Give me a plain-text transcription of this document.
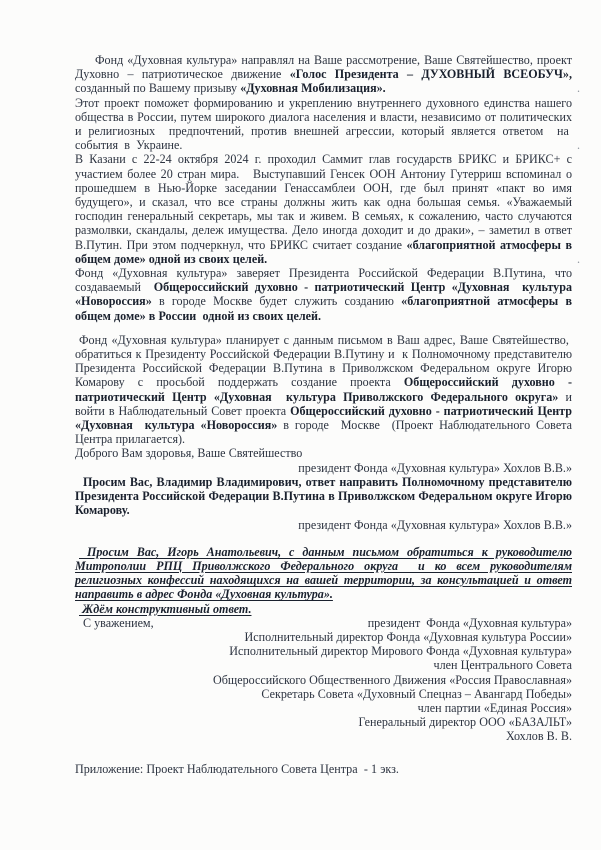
Фонд «Духовная культура» направлял на Ваше рассмотрение, Ваше Святейшество, проект Духовно – патриотическое движение «Голос Президента – ДУХОВНЫЙ ВСЕОБУЧ», созданный по Вашему призыву «Духовная Мобилизация».	.
Этот проект поможет формированию и укреплению внутреннего духовного единства нашего общества в России, путем широкого диалога населения и власти, независимо от политических и религиозных  предпочтений, против внешней агрессии, который является ответом  на  события  в  Украине.	.
В Казани с 22-24 октября 2024 г. проходил Саммит глав государств БРИКС и БРИКС+ с участием более 20 стран мира.   Выступавший Генсек ООН Антониу Гутерриш вспоминал о прошедшем в Нью-Йорке заседании Генассамблеи ООН, где был принят «пакт во имя будущего», и сказал, что все страны должны жить как одна большая семья. «Уважаемый господин генеральный секретарь, мы так и живем. В семьях, к сожалению, часто случаются размолвки, скандалы, дележ имущества. Дело иногда доходит и до драки», – заметил в ответ В.Путин. При этом подчеркнул, что БРИКС считает создание «благоприятной атмосферы в общем доме» одной из своих целей.	.
Фонд «Духовная культура» заверяет Президента Российской Федерации В.Путина, что создаваемый  Общероссийский духовно - патриотический Центр «Духовная  культура «Новороссия» в городе Москве будет служить созданию «благоприятной атмосферы в общем доме» в России  одной из своих целей.
Фонд «Духовная культура» планирует с данным письмом в Ваш адрес, Ваше Святейшество,  обратиться к Президенту Российской Федерации В.Путину и  к Полномочному представителю Президента Российской Федерации В.Путина в Приволжском Федеральном округе Игорю Комарову с просьбой поддержать создание проекта Общероссийский духовно - патриотический Центр «Духовная  культура Приволжского Федерального округа» и войти в Наблюдательный Совет проекта Общероссийский духовно - патриотический Центр «Духовная  культура «Новороссия» в городе  Москве  (Проект Наблюдательного Совета Центра прилагается).
Доброго Вам здоровья, Ваше Святейшество
президент Фонда «Духовная культура» Хохлов В.В.»
Просим Вас, Владимир Владимирович, ответ направить Полномочному представителю Президента Российской Федерации В.Путина в Приволжском Федеральном округе Игорю Комарову.
президент Фонда «Духовная культура» Хохлов В.В.»
Просим Вас, Игорь Анатольевич, с данным письмом обратиться к руководителю Митрополии РПЦ Приволжского Федерального округа  и ко всем руководителям религиозных конфессий находящихся на вашей территории, за консультацией и ответ направить в адрес Фонда «Духовная культура».
Ждём конструктивный ответ.
С уважением,	президент  Фонда «Духовная культура»
Исполнительный директор Фонда «Духовная культура России»
Исполнительный директор Мирового Фонда «Духовная культура»
член Центрального Совета
Общероссийского Общественного Движения «Россия Православная»
Секретарь Совета «Духовный Спецназ – Авангард Победы»
член партии «Единая Россия»
Генеральный директор ООО «БАЗАЛЬТ»
Хохлов В. В.
Приложение: Проект Наблюдательного Совета Центра  - 1 экз.
